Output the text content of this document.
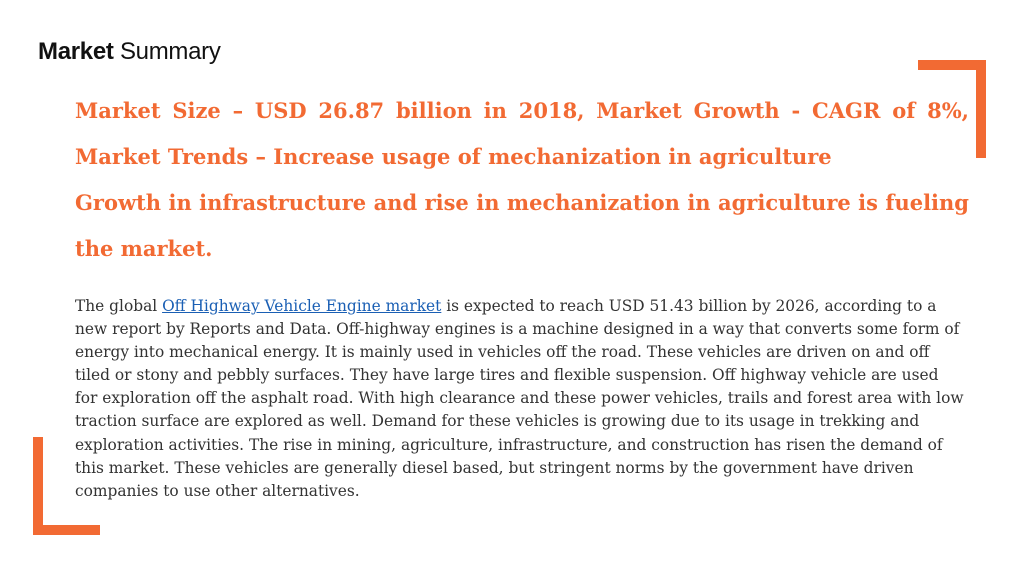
Market Summary
Market Size – USD 26.87 billion in 2018, Market Growth - CAGR of 8%,
Market Trends – Increase usage of mechanization in agriculture
Growth in infrastructure and rise in mechanization in agriculture is fueling
the market.
The global Off Highway Vehicle Engine market is expected to reach USD 51.43 billion by 2026, according to a new report by Reports and Data. Off-highway engines is a machine designed in a way that converts some form of energy into mechanical energy. It is mainly used in vehicles off the road. These vehicles are driven on and off tiled or stony and pebbly surfaces. They have large tires and flexible suspension. Off highway vehicle are used for exploration off the asphalt road. With high clearance and these power vehicles, trails and forest area with low traction surface are explored as well. Demand for these vehicles is growing due to its usage in trekking and exploration activities. The rise in mining, agriculture, infrastructure, and construction has risen the demand of this market. These vehicles are generally diesel based, but stringent norms by the government have driven companies to use other alternatives.
